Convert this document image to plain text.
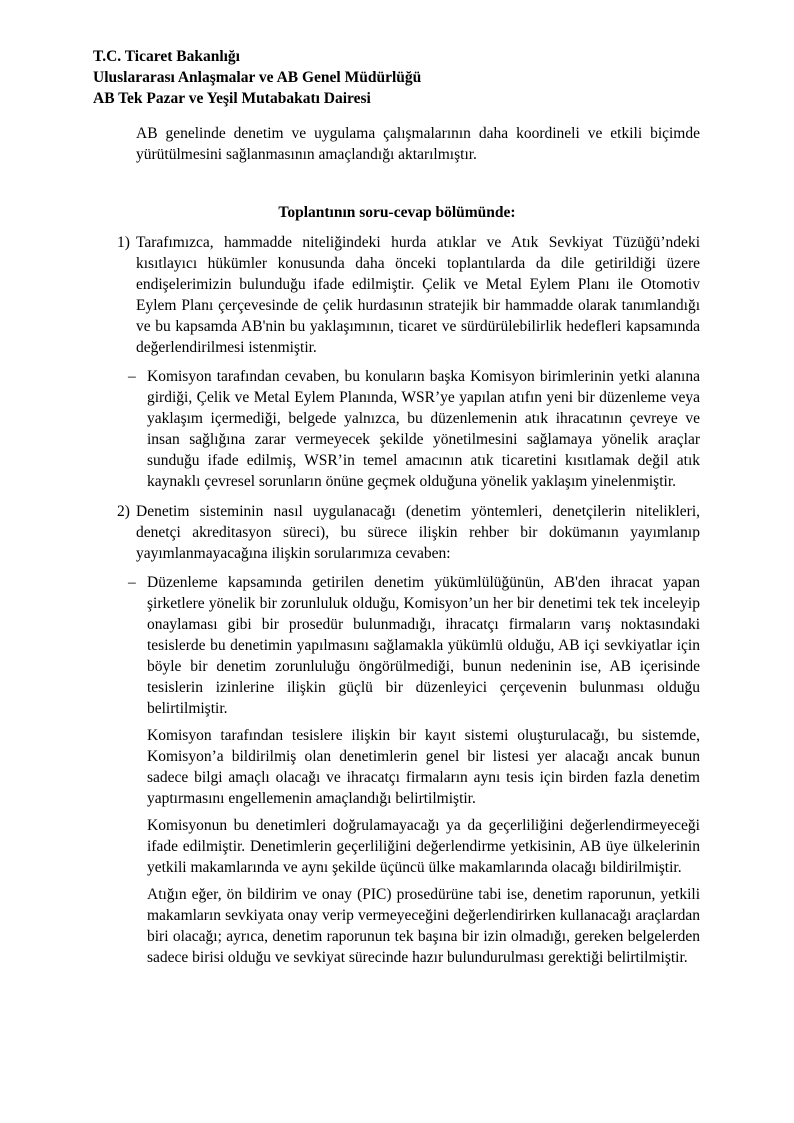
T.C. Ticaret Bakanlığı
Uluslararası Anlaşmalar ve AB Genel Müdürlüğü
AB Tek Pazar ve Yeşil Mutabakatı Dairesi

AB genelinde denetim ve uygulama çalışmalarının daha koordineli ve etkili biçimde yürütülmesini sağlanmasının amaçlandığı aktarılmıştır.

Toplantının soru-cevap bölümünde:
1) Tarafımızca, hammadde niteliğindeki hurda atıklar ve Atık Sevkiyat Tüzüğü’ndeki kısıtlayıcı hükümler konusunda daha önceki toplantılarda da dile getirildiği üzere endişelerimizin bulunduğu ifade edilmiştir. Çelik ve Metal Eylem Planı ile Otomotiv Eylem Planı çerçevesinde de çelik hurdasının stratejik bir hammadde olarak tanımlandığı ve bu kapsamda AB'nin bu yaklaşımının, ticaret ve sürdürülebilirlik hedefleri kapsamında değerlendirilmesi istenmiştir.

– Komisyon tarafından cevaben, bu konuların başka Komisyon birimlerinin yetki alanına girdiği, Çelik ve Metal Eylem Planında, WSR’ye yapılan atıfın yeni bir düzenleme veya yaklaşım içermediği, belgede yalnızca, bu düzenlemenin atık ihracatının çevreye ve insan sağlığına zarar vermeyecek şekilde yönetilmesini sağlamaya yönelik araçlar sunduğu ifade edilmiş, WSR’in temel amacının atık ticaretini kısıtlamak değil atık kaynaklı çevresel sorunların önüne geçmek olduğuna yönelik yaklaşım yinelenmiştir.

2) Denetim sisteminin nasıl uygulanacağı (denetim yöntemleri, denetçilerin nitelikleri, denetçi akreditasyon süreci), bu sürece ilişkin rehber bir dokümanın yayımlanıp yayımlanmayacağına ilişkin sorularımıza cevaben:

– Düzenleme kapsamında getirilen denetim yükümlülüğünün, AB'den ihracat yapan şirketlere yönelik bir zorunluluk olduğu, Komisyon’un her bir denetimi tek tek inceleyip onaylaması gibi bir prosedür bulunmadığı, ihracatçı firmaların varış noktasındaki tesislerde bu denetimin yapılmasını sağlamakla yükümlü olduğu, AB içi sevkiyatlar için böyle bir denetim zorunluluğu öngörülmediği, bunun nedeninin ise, AB içerisinde tesislerin izinlerine ilişkin güçlü bir düzenleyici çerçevenin bulunması olduğu belirtilmiştir.

Komisyon tarafından tesislere ilişkin bir kayıt sistemi oluşturulacağı, bu sistemde, Komisyon’a bildirilmiş olan denetimlerin genel bir listesi yer alacağı ancak bunun sadece bilgi amaçlı olacağı ve ihracatçı firmaların aynı tesis için birden fazla denetim yaptırmasını engellemenin amaçlandığı belirtilmiştir.

Komisyonun bu denetimleri doğrulamayacağı ya da geçerliliğini değerlendirmeyeceği ifade edilmiştir. Denetimlerin geçerliliğini değerlendirme yetkisinin, AB üye ülkelerinin yetkili makamlarında ve aynı şekilde üçüncü ülke makamlarında olacağı bildirilmiştir.

Atığın eğer, ön bildirim ve onay (PIC) prosedürüne tabi ise, denetim raporunun, yetkili makamların sevkiyata onay verip vermeyeceğini değerlendirirken kullanacağı araçlardan biri olacağı; ayrıca, denetim raporunun tek başına bir izin olmadığı, gereken belgelerden sadece birisi olduğu ve sevkiyat sürecinde hazır bulundurulması gerektiği belirtilmiştir.
